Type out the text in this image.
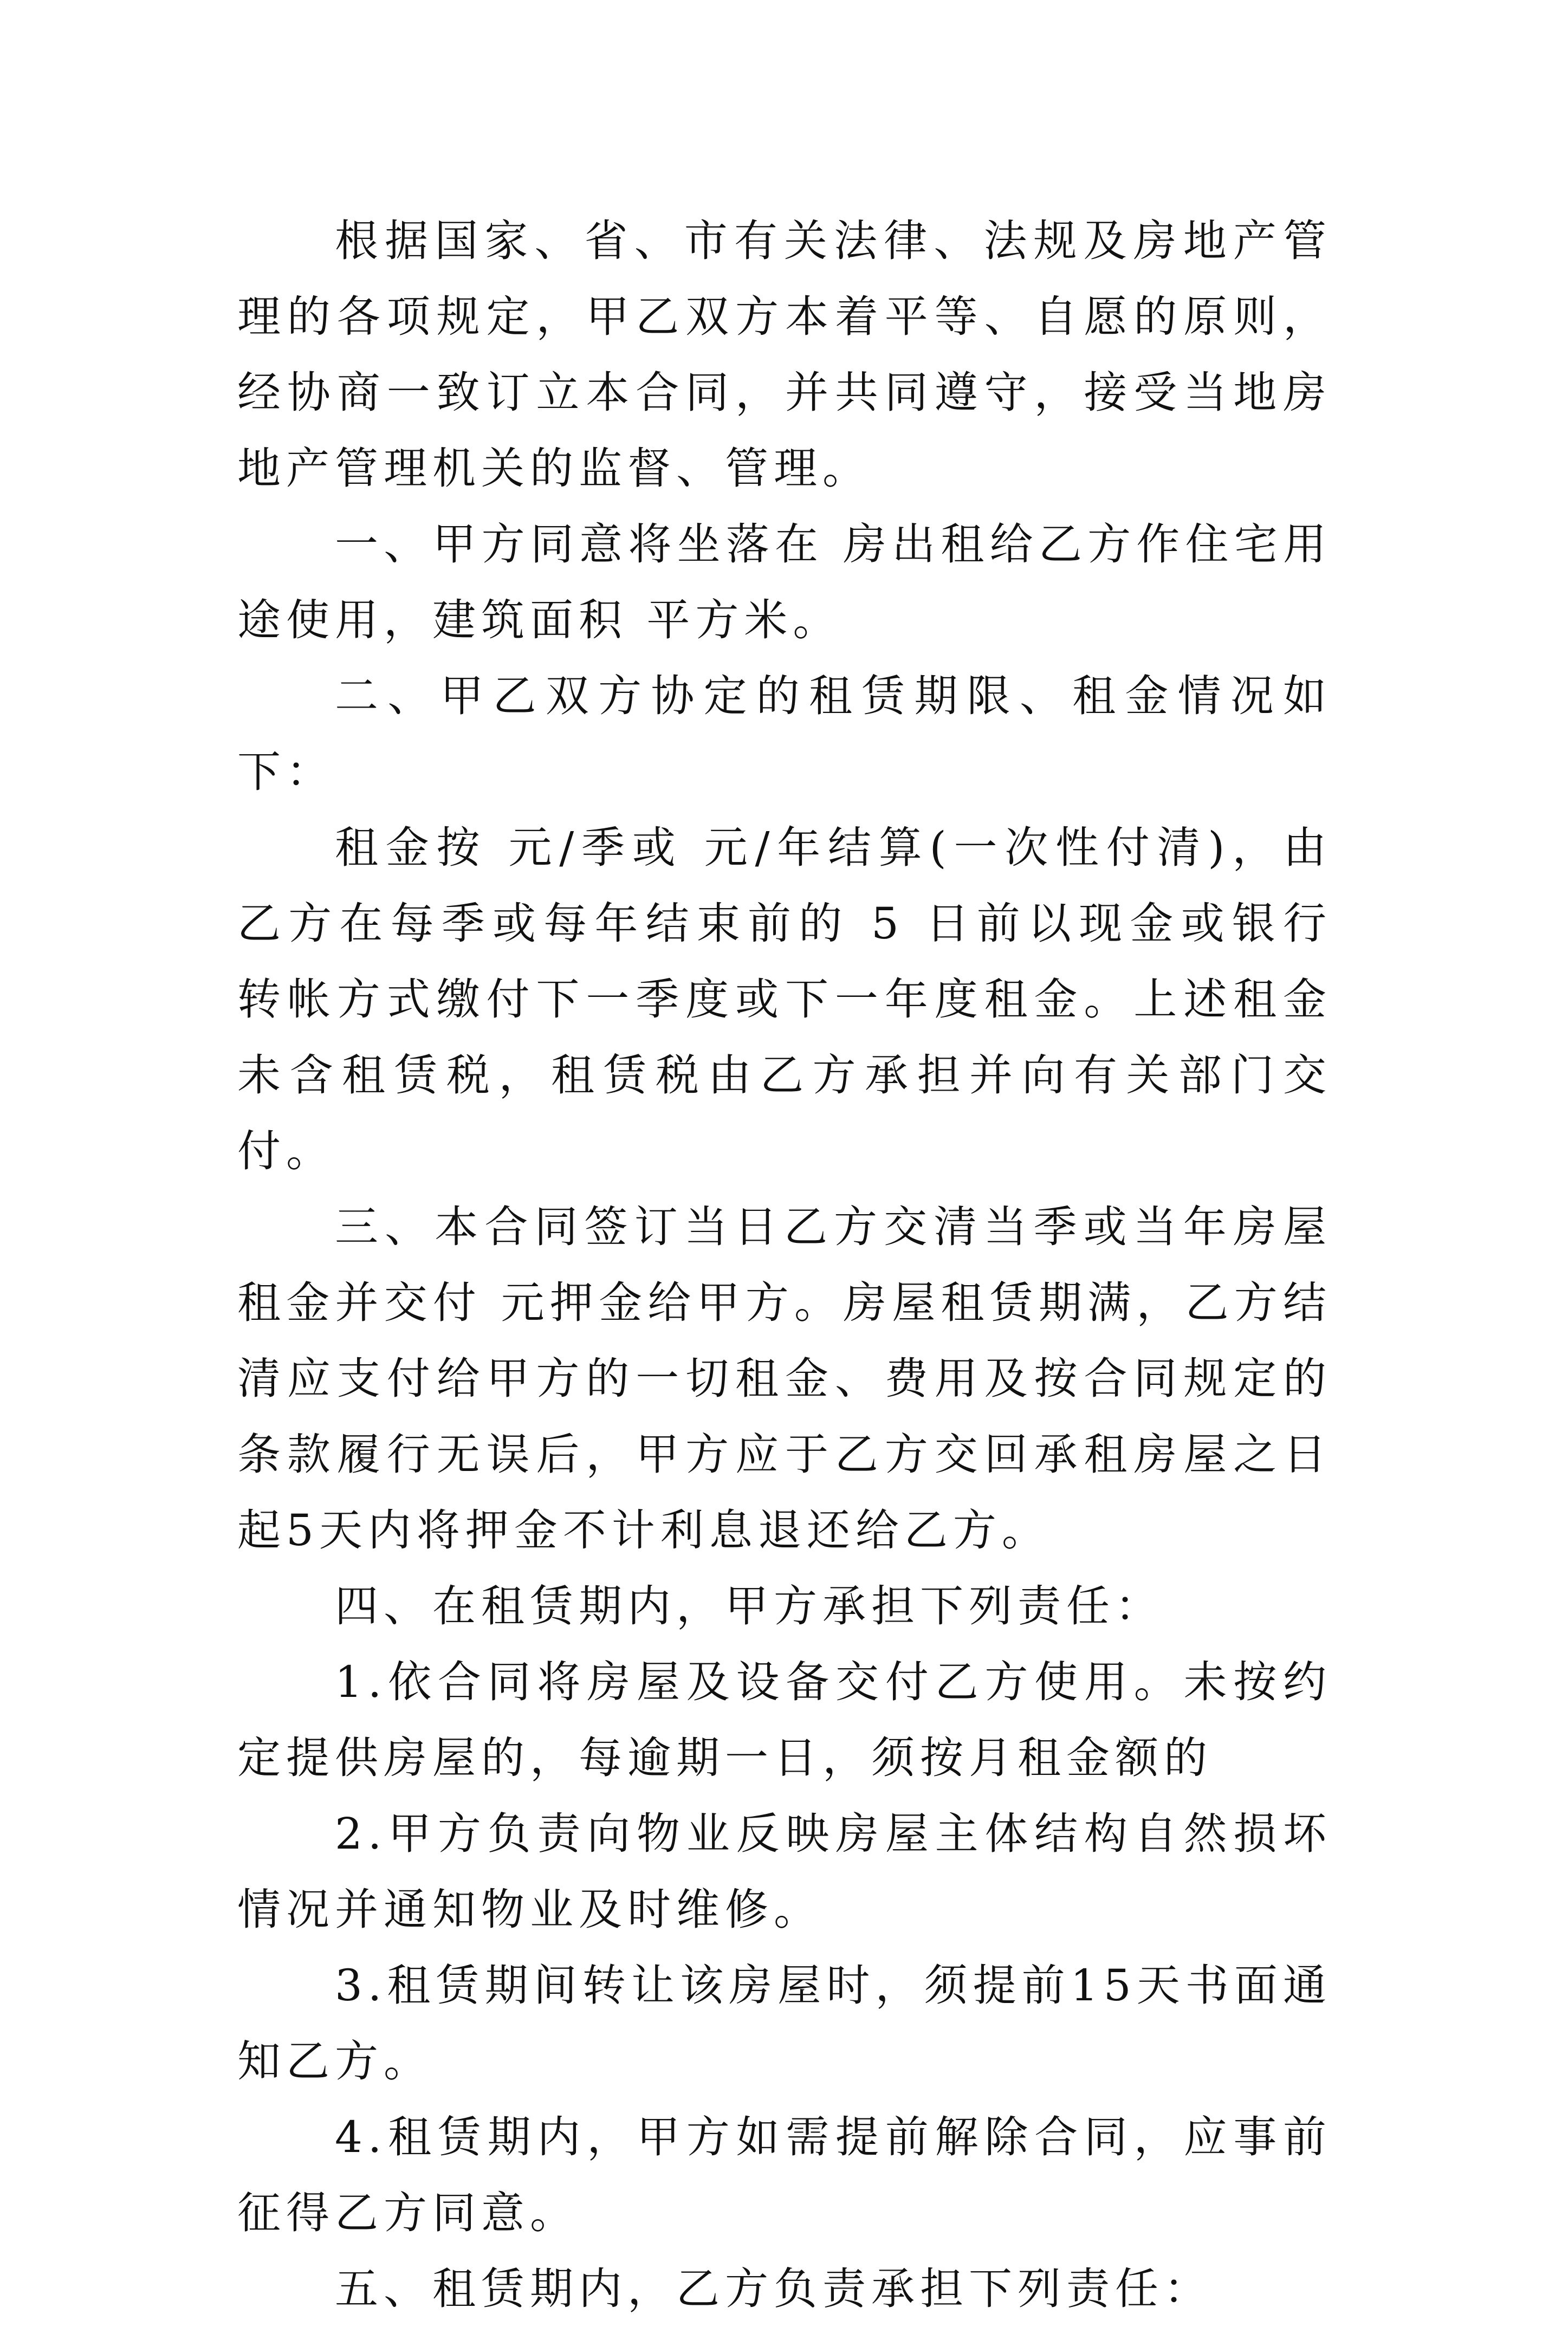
根据国家、省、市有关法律、法规及房地产管理的各项规定，甲乙双方本着平等、自愿的原则，经协商一致订立本合同，并共同遵守，接受当地房地产管理机关的监督、管理。

一、甲方同意将坐落在 房出租给乙方作住宅用途使用，建筑面积 平方米。

二、甲乙双方协定的租赁期限、租金情况如下：

租金按 元/季或 元/年结算(一次性付清)，由乙方在每季或每年结束前的 5 日前以现金或银行转帐方式缴付下一季度或下一年度租金。上述租金未含租赁税，租赁税由乙方承担并向有关部门交付。

三、本合同签订当日乙方交清当季或当年房屋租金并交付 元押金给甲方。房屋租赁期满，乙方结清应支付给甲方的一切租金、费用及按合同规定的条款履行无误后，甲方应于乙方交回承租房屋之日起5天内将押金不计利息退还给乙方。

四、在租赁期内，甲方承担下列责任：

1.依合同将房屋及设备交付乙方使用。未按约定提供房屋的，每逾期一日，须按月租金额的

2.甲方负责向物业反映房屋主体结构自然损坏情况并通知物业及时维修。

3.租赁期间转让该房屋时，须提前15天书面通知乙方。

4.租赁期内，甲方如需提前解除合同，应事前征得乙方同意。

五、租赁期内，乙方负责承担下列责任：
